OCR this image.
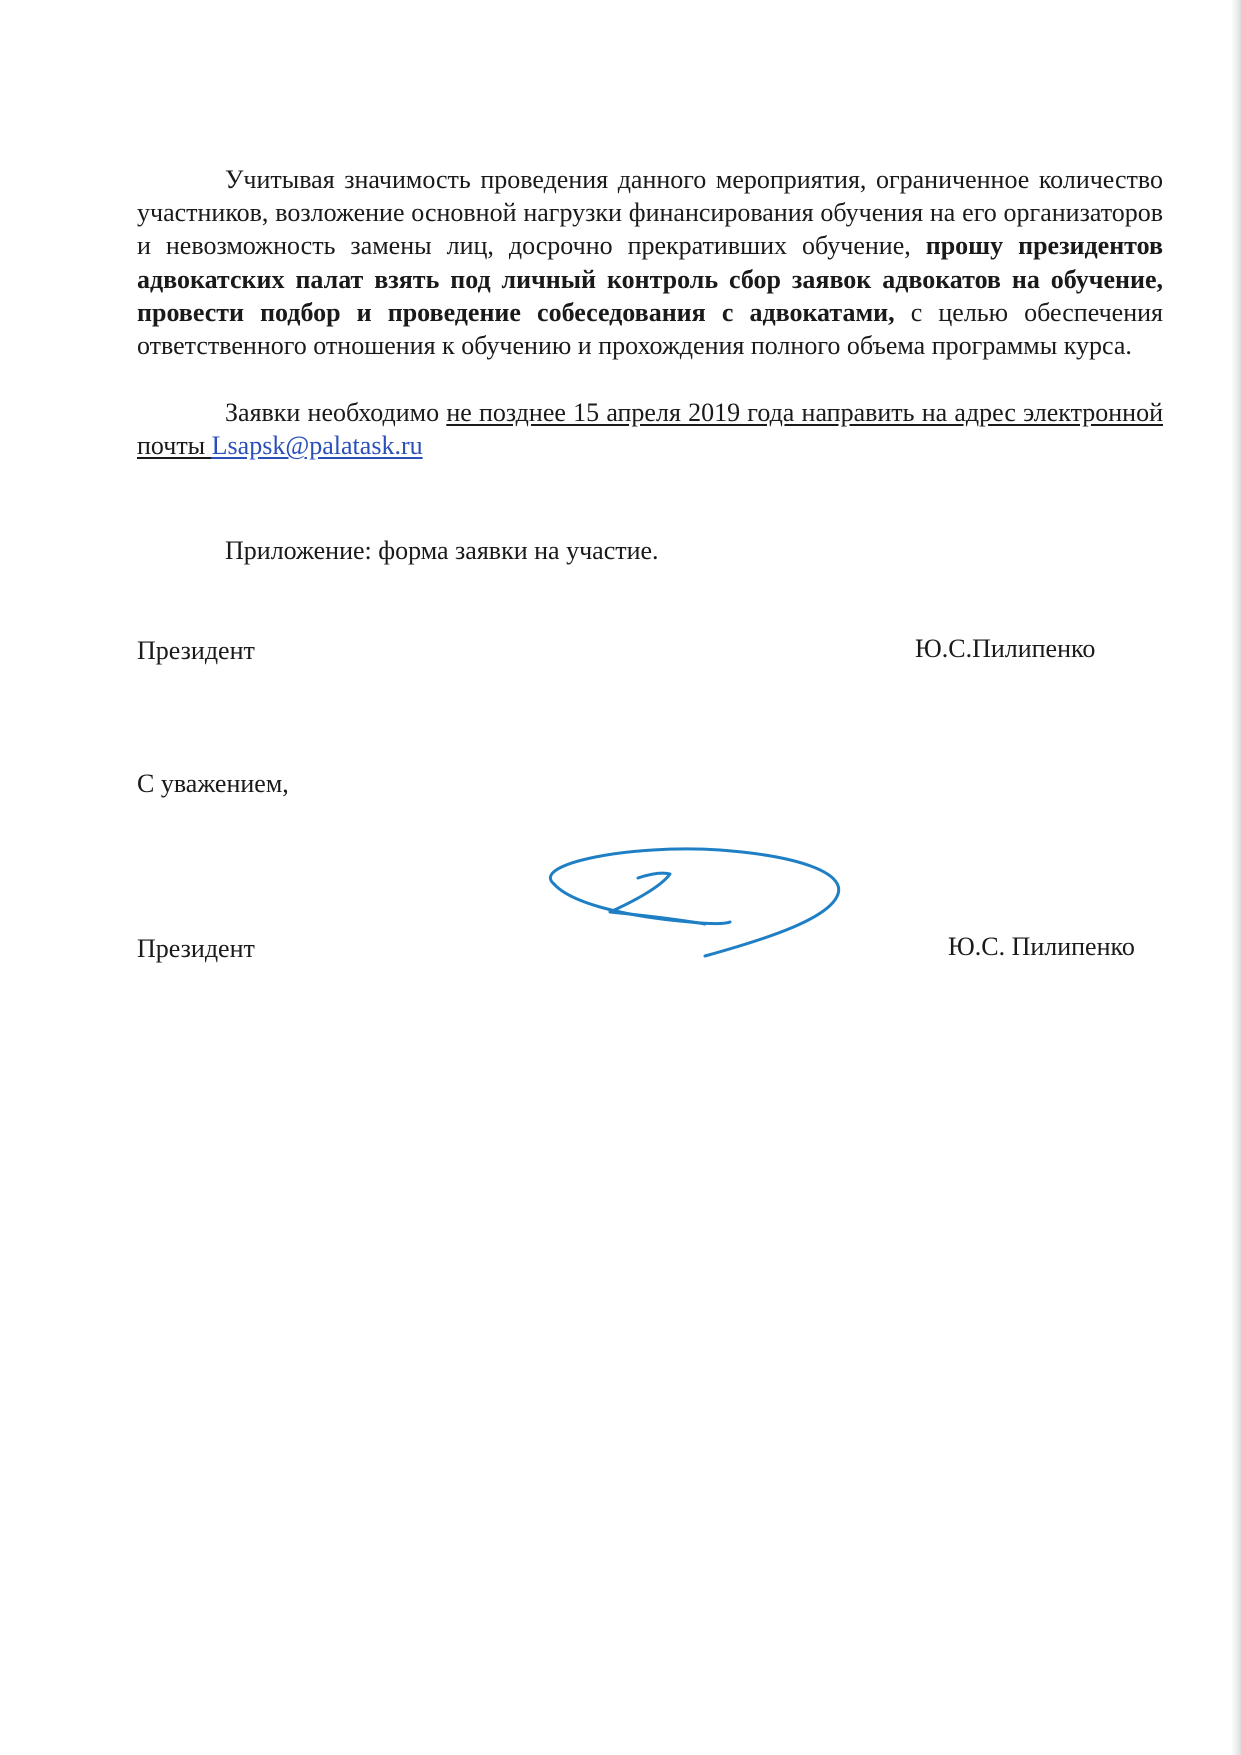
Учитывая значимость проведения данного мероприятия, ограниченное количество участников, возложение основной нагрузки финансирования обучения на его организаторов и невозможность замены лиц, досрочно прекративших обучение, прошу президентов адвокатских палат взять под личный контроль сбор заявок адвокатов на обучение, провести подбор и проведение собеседования с адвокатами, с целью обеспечения ответственного отношения к обучению и прохождения полного объема программы курса.

Заявки необходимо не позднее 15 апреля 2019 года направить на адрес электронной почты Lsapsk@palatask.ru

Приложение: форма заявки на участие.
Президент	Ю.С.Пилипенко
С уважением,
Президент	Ю.С. Пилипенко
